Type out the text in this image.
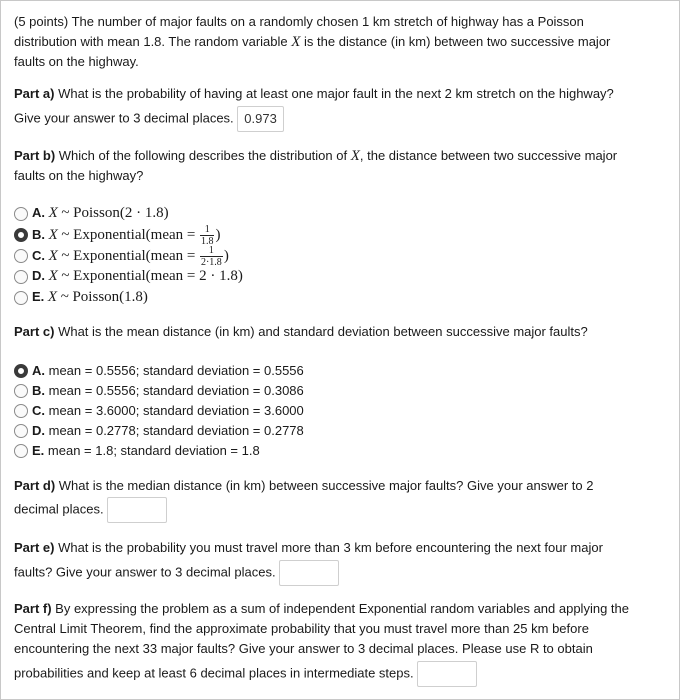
(5 points) The number of major faults on a randomly chosen 1 km stretch of highway has a Poisson
distribution with mean 1.8. The random variable X is the distance (in km) between two successive major
faults on the highway.
Part a) What is the probability of having at least one major fault in the next 2 km stretch on the highway?
Give your answer to 3 decimal places. 0.973
Part b) Which of the following describes the distribution of X, the distance between two successive major
faults on the highway?
A. X ~ Poisson(2 · 1.8)
B. X ~ Exponential(mean = $\frac{1}{1.8}$ )
C. X ~ Exponential(mean = $\frac{1}{2\cdot 1.8}$ )
D. X ~ Exponential(mean = 2 · 1.8)
E. X ~ Poisson(1.8)
Part c) What is the mean distance (in km) and standard deviation between successive major faults?
A. mean = 0.5556; standard deviation = 0.5556
B. mean = 0.5556; standard deviation = 0.3086
C. mean = 3.6000; standard deviation = 3.6000
D. mean = 0.2778; standard deviation = 0.2778
E. mean = 1.8; standard deviation = 1.8
Part d) What is the median distance (in km) between successive major faults? Give your answer to 2
decimal places.
Part e) What is the probability you must travel more than 3 km before encountering the next four major
faults? Give your answer to 3 decimal places.
Part f) By expressing the problem as a sum of independent Exponential random variables and applying the
Central Limit Theorem, find the approximate probability that you must travel more than 25 km before
encountering the next 33 major faults? Give your answer to 3 decimal places. Please use R to obtain
probabilities and keep at least 6 decimal places in intermediate steps.
